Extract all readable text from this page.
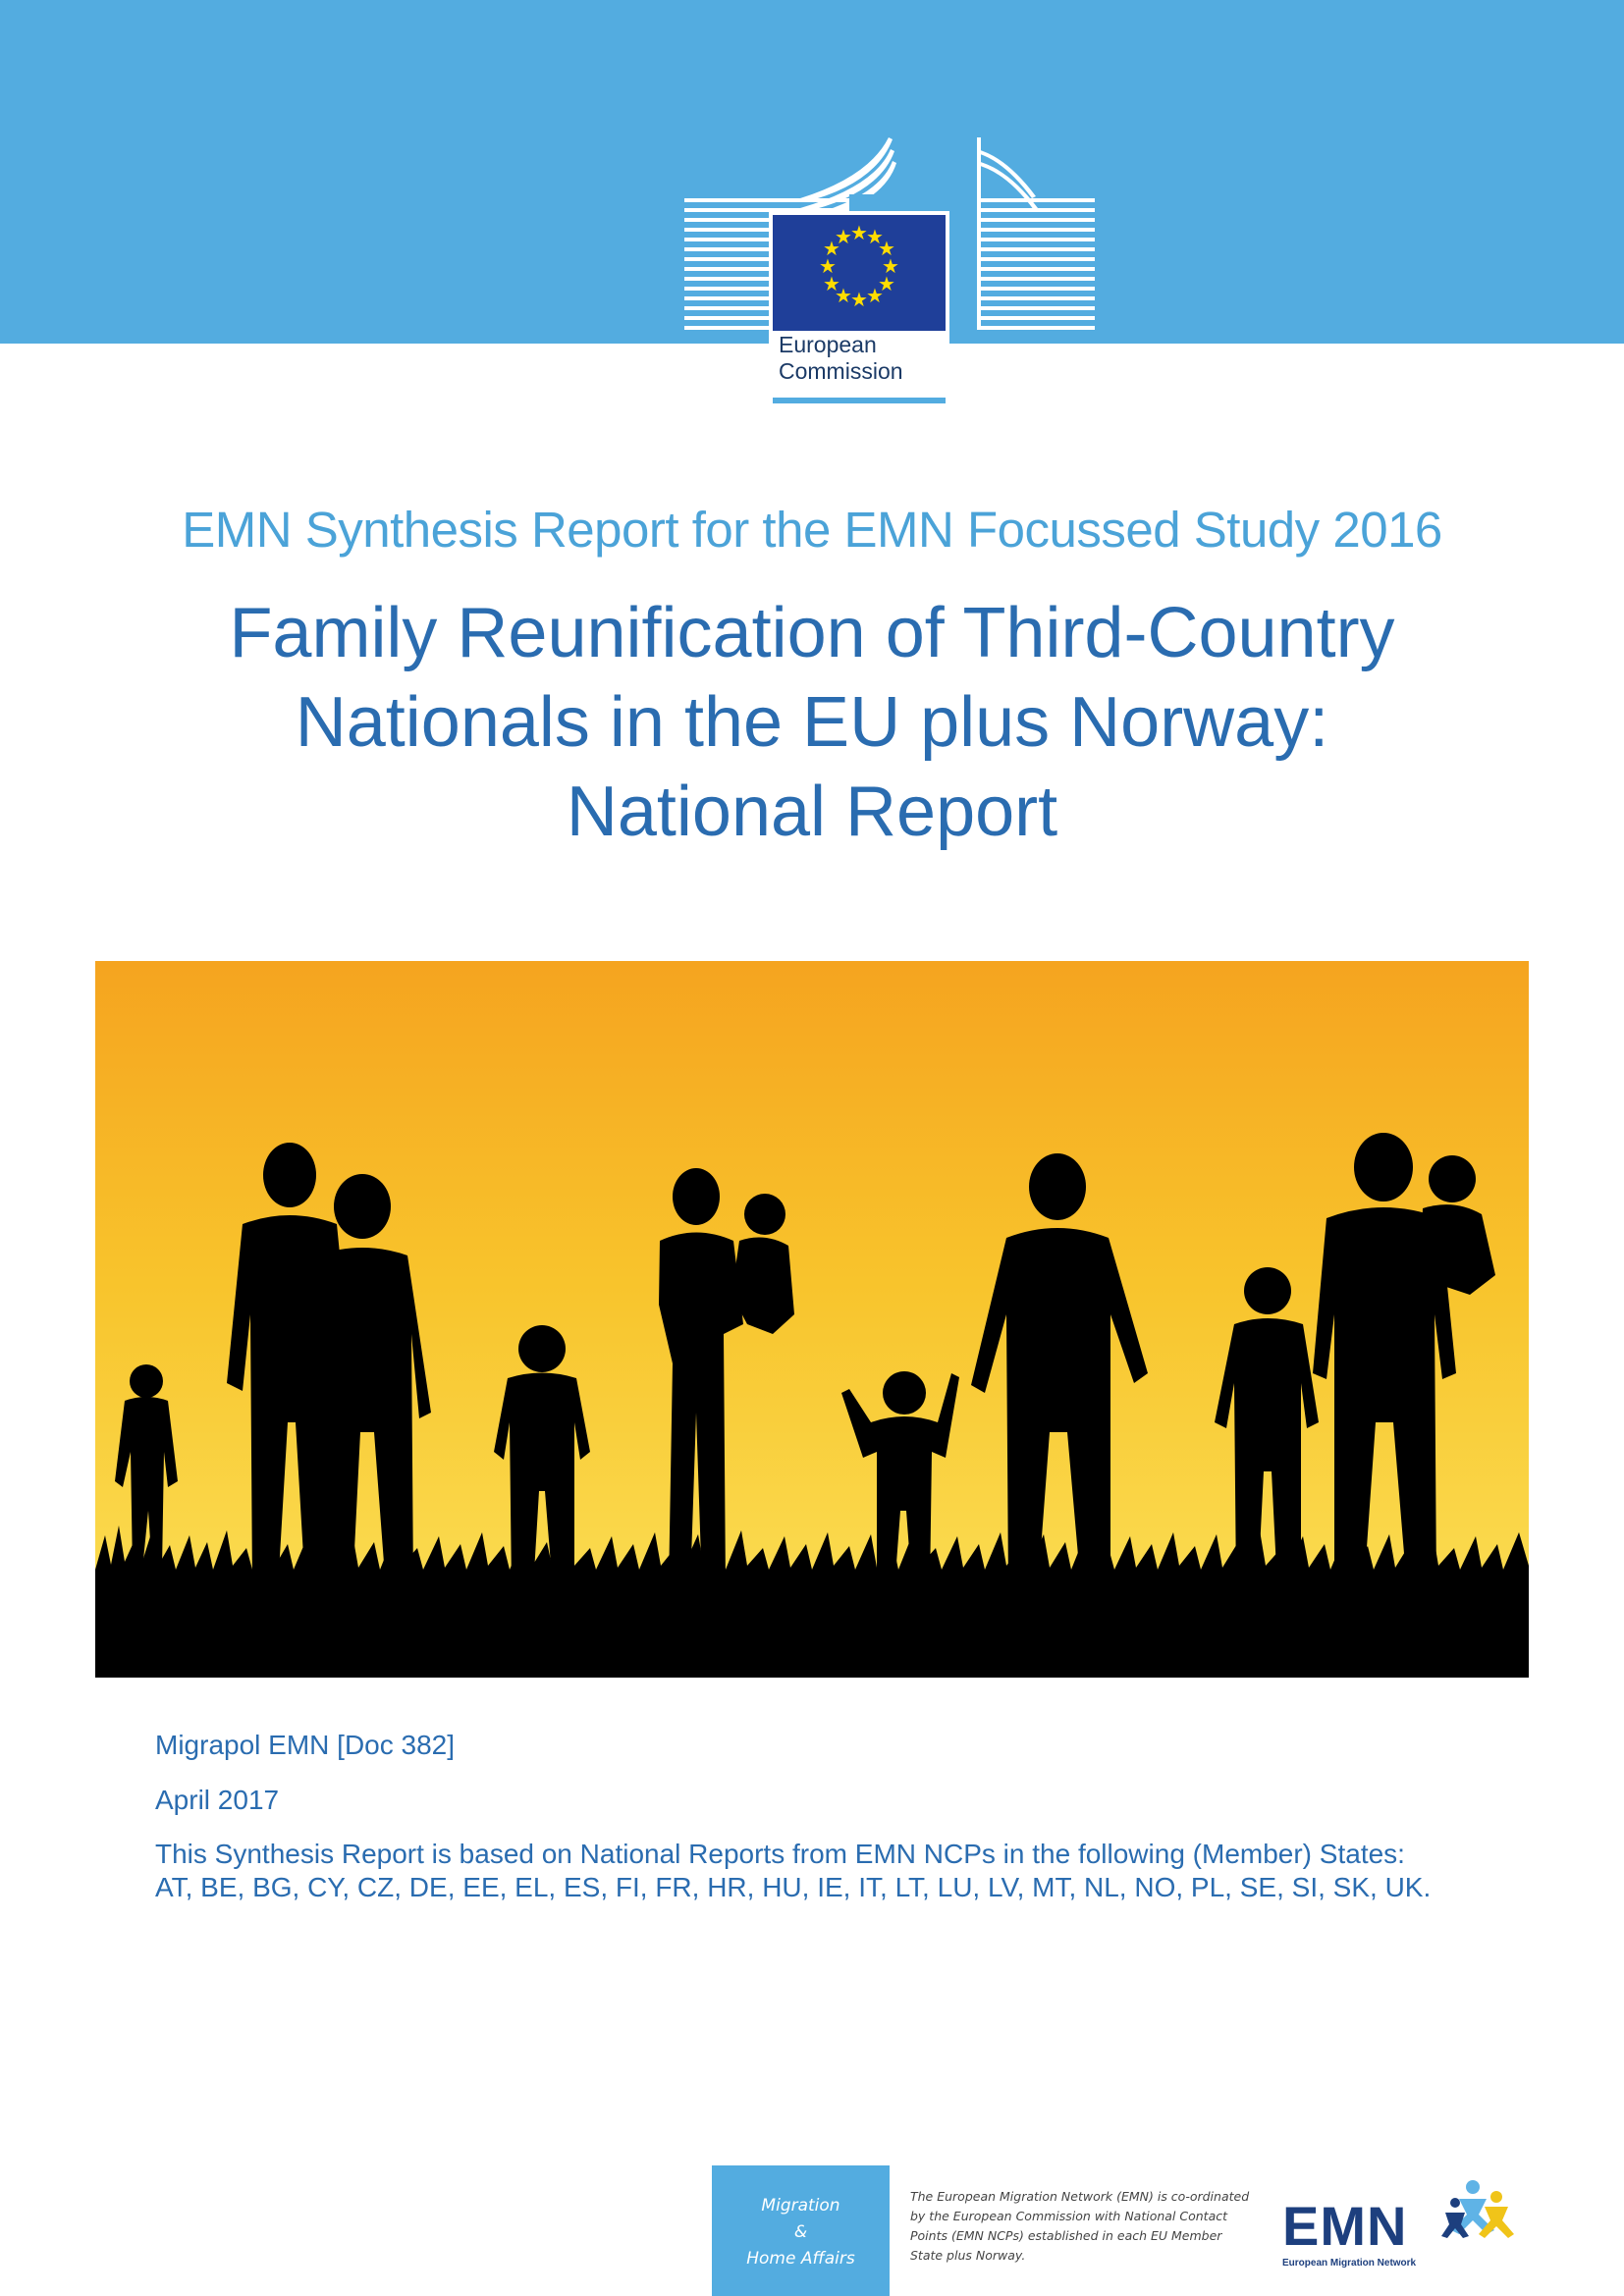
★
★
★
★
★
★
★
★
★
★
★
★
European
Commission
EMN Synthesis Report for the EMN Focussed Study 2016
Family Reunification of Third-Country
Nationals in the EU plus Norway:
National Report
Migrapol EMN [Doc 382]
April 2017
This Synthesis Report is based on National Reports from EMN NCPs in the following (Member) States:
AT, BE, BG, CY, CZ, DE, EE, EL, ES, FI, FR, HR, HU, IE, IT, LT, LU, LV, MT, NL, NO, PL, SE, SI, SK, UK.
Migration
&
Home Affairs
The European Migration Network (EMN) is co-ordinated
by the European Commission with National Contact
Points (EMN NCPs) established in each EU Member
State plus Norway.	EMN
European Migration Network
